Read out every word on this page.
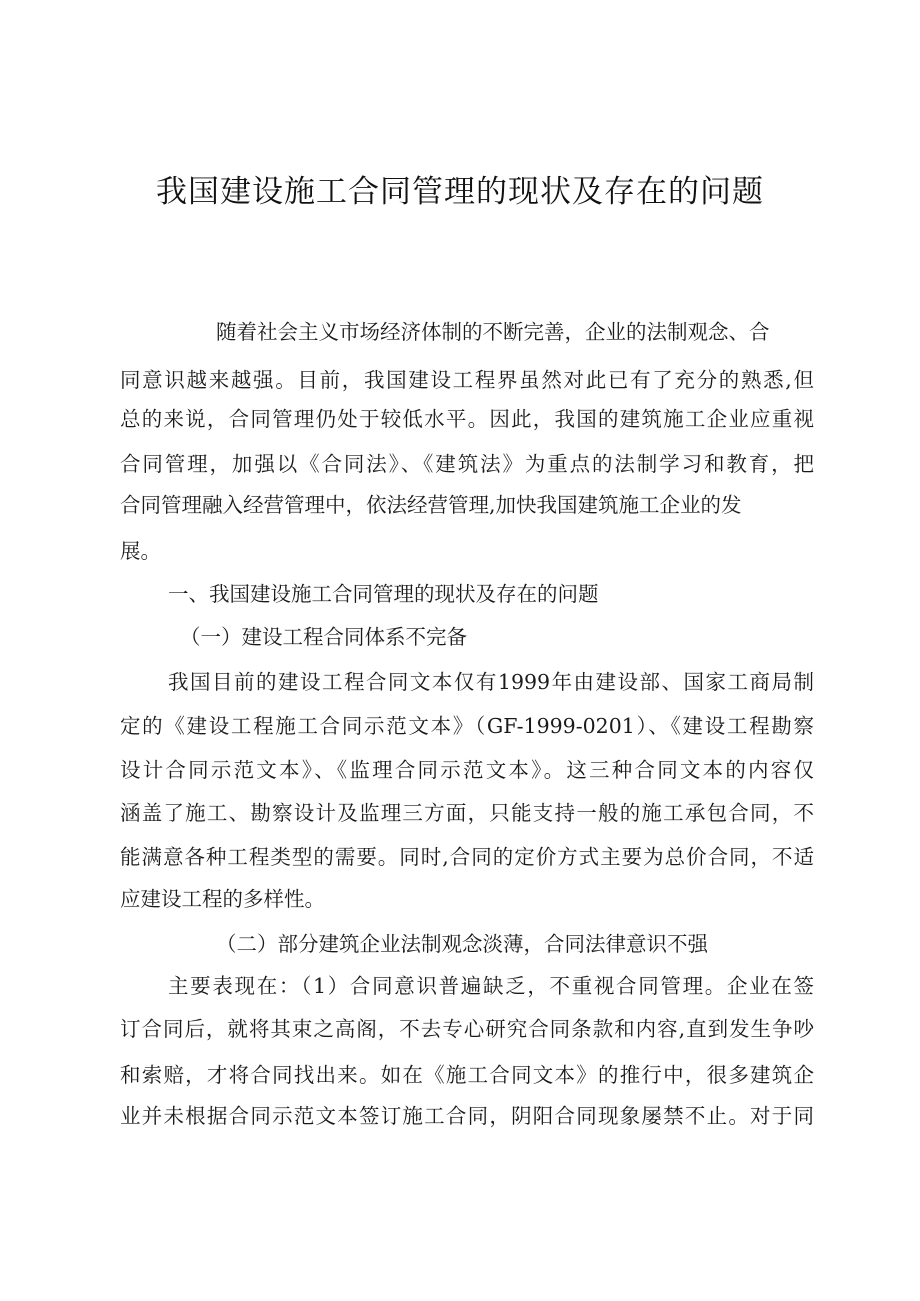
我国建设施工合同管理的现状及存在的问题

随着社会主义市场经济体制的不断完善，企业的法制观念、合

同意识越来越强。目前，我国建设工程界虽然对此已有了充分的熟悉,但

总的来说，合同管理仍处于较低水平。因此，我国的建筑施工企业应重视

合同管理，加强以《合同法》、《建筑法》为重点的法制学习和教育，把

合同管理融入经营管理中，依法经营管理,加快我国建筑施工企业的发

展。

一、我国建设施工合同管理的现状及存在的问题

（一）建设工程合同体系不完备

我国目前的建设工程合同文本仅有1999年由建设部、国家工商局制

定的《建设工程施工合同示范文本》（GF-1999-0201）、《建设工程勘察

设计合同示范文本》、《监理合同示范文本》。这三种合同文本的内容仅

涵盖了施工、勘察设计及监理三方面，只能支持一般的施工承包合同，不

能满意各种工程类型的需要。同时,合同的定价方式主要为总价合同，不适

应建设工程的多样性。

（二）部分建筑企业法制观念淡薄，合同法律意识不强

主要表现在：（1）合同意识普遍缺乏，不重视合同管理。企业在签

订合同后，就将其束之高阁，不去专心研究合同条款和内容,直到发生争吵

和索赔，才将合同找出来。如在《施工合同文本》的推行中，很多建筑企

业并未根据合同示范文本签订施工合同，阴阳合同现象屡禁不止。对于同
